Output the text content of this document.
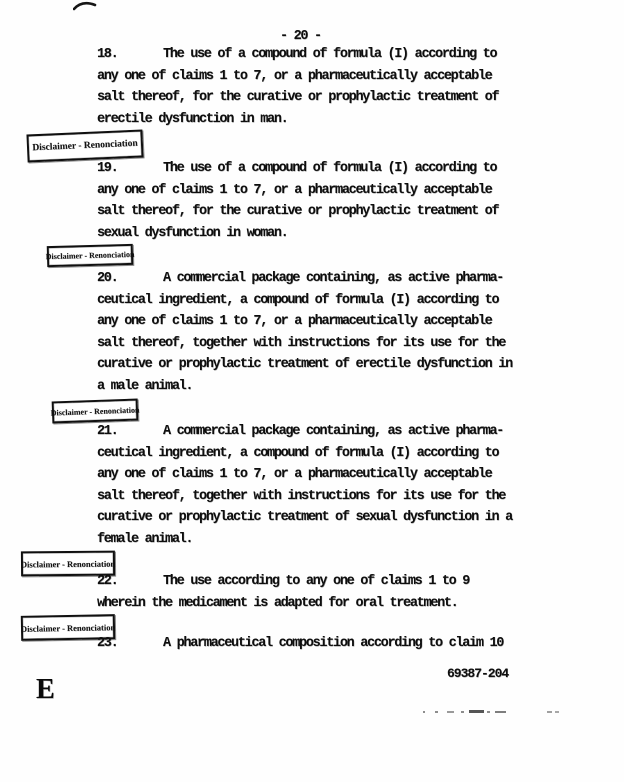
- 20 -
18.	The use of a compound of formula (I) according to
any one of claims 1 to 7, or a pharmaceutically acceptable
salt thereof, for the curative or prophylactic treatment of
erectile dysfunction in man.
Disclaimer - Renonciation
19.	The use of a compound of formula (I) according to
any one of claims 1 to 7, or a pharmaceutically acceptable
salt thereof, for the curative or prophylactic treatment of
sexual dysfunction in woman.
Disclaimer - Renonciation
20.	A commercial package containing, as active pharma-
ceutical ingredient, a compound of formula (I) according to
any one of claims 1 to 7, or a pharmaceutically acceptable
salt thereof, together with instructions for its use for the
curative or prophylactic treatment of erectile dysfunction in
a male animal.
Disclaimer - Renonciation
21.	A commercial package containing, as active pharma-
ceutical ingredient, a compound of formula (I) according to
any one of claims 1 to 7, or a pharmaceutically acceptable
salt thereof, together with instructions for its use for the
curative or prophylactic treatment of sexual dysfunction in a
female animal.
Disclaimer - Renonciation
22.	The use according to any one of claims 1 to 9
wherein the medicament is adapted for oral treatment.
Disclaimer - Renonciation
23.	A pharmaceutical composition according to claim 10
69387-204
E
